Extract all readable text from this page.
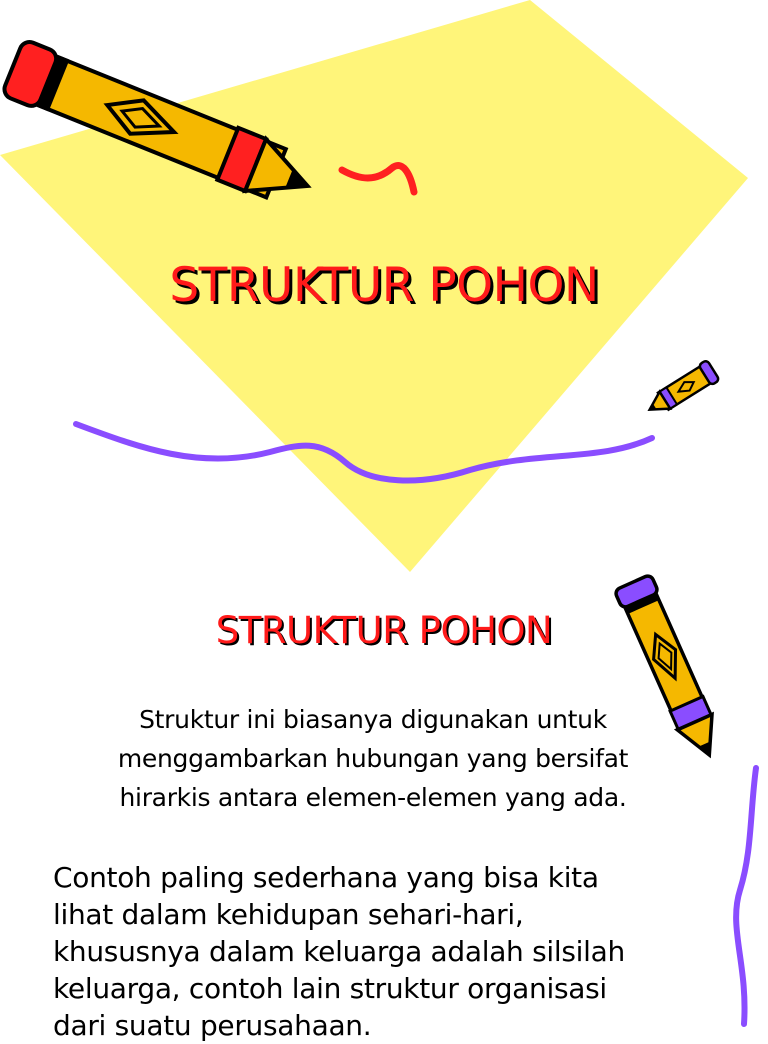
STRUKTUR POHON
STRUKTUR POHON

Struktur ini biasanya digunakan untuk
menggambarkan hubungan yang bersifat
hirarkis antara elemen-elemen yang ada.

Contoh paling sederhana yang bisa kita
lihat dalam kehidupan sehari-hari,
khususnya dalam keluarga adalah silsilah
keluarga, contoh lain struktur organisasi
dari suatu perusahaan.
